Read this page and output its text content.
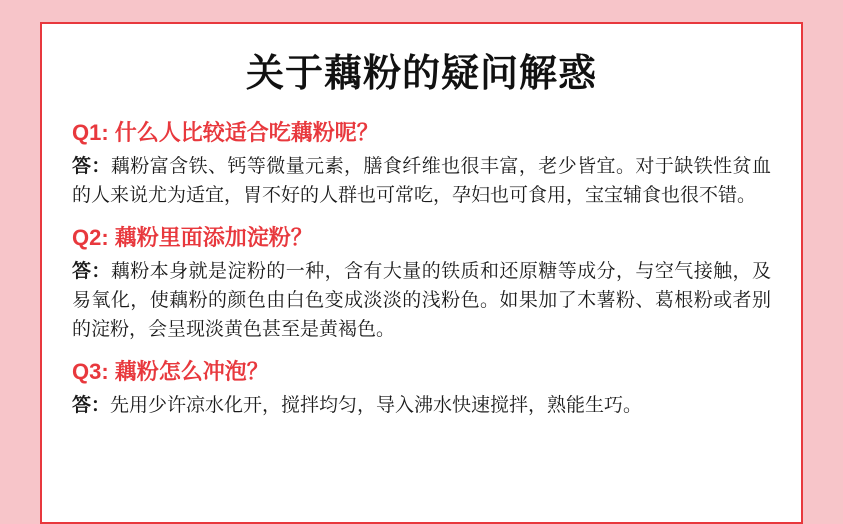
关于藕粉的疑问解惑
Q1: 什么人比较适合吃藕粉呢？
答：藕粉富含铁、钙等微量元素，膳食纤维也很丰富，老少皆宜。对于缺铁性贫血的人来说尤为适宜，胃不好的人群也可常吃，孕妇也可食用，宝宝辅食也很不错。
Q2: 藕粉里面添加淀粉？
答：藕粉本身就是淀粉的一种，含有大量的铁质和还原糖等成分，与空气接触，及易氧化，使藕粉的颜色由白色变成淡淡的浅粉色。如果加了木薯粉、葛根粉或者别的淀粉，会呈现淡黄色甚至是黄褐色。
Q3: 藕粉怎么冲泡？
答：先用少许凉水化开，搅拌均匀，导入沸水快速搅拌，熟能生巧。
